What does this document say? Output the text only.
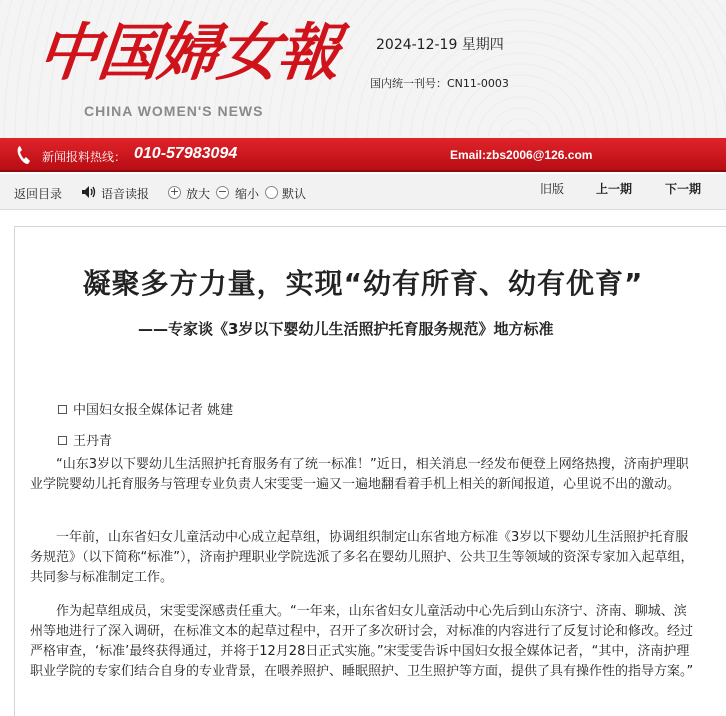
中国婦女報
CHINA WOMEN'S NEWS
2024-12-19 星期四
国内统一刊号：CN11-0003
新闻报料热线： 010-57983094	Email:zbs2006@126.com
返回目录	语音读报 + 放大 − 缩小 默认	旧版	上一期	下一期
凝聚多方力量，实现“幼有所育、幼有优育”
——专家谈《3岁以下婴幼儿生活照护托育服务规范》地方标准
中国妇女报全媒体记者 姚建
王丹青

“山东3岁以下婴幼儿生活照护托育服务有了统一标准！”近日，相关消息一经发布便登上网络热搜，济南护理职业学院婴幼儿托育服务与管理专业负责人宋雯雯一遍又一遍地翻看着手机上相关的新闻报道，心里说不出的激动。

一年前，山东省妇女儿童活动中心成立起草组，协调组织制定山东省地方标准《3岁以下婴幼儿生活照护托育服务规范》（以下简称“标准”），济南护理职业学院选派了多名在婴幼儿照护、公共卫生等领域的资深专家加入起草组，共同参与标准制定工作。

作为起草组成员，宋雯雯深感责任重大。“一年来，山东省妇女儿童活动中心先后到山东济宁、济南、聊城、滨州等地进行了深入调研，在标准文本的起草过程中，召开了多次研讨会，对标准的内容进行了反复讨论和修改。经过严格审查，‘标准’最终获得通过，并将于12月28日正式实施。”宋雯雯告诉中国妇女报全媒体记者，“其中，济南护理职业学院的专家们结合自身的专业背景，在喂养照护、睡眠照护、卫生照护等方面，提供了具有操作性的指导方案。”
